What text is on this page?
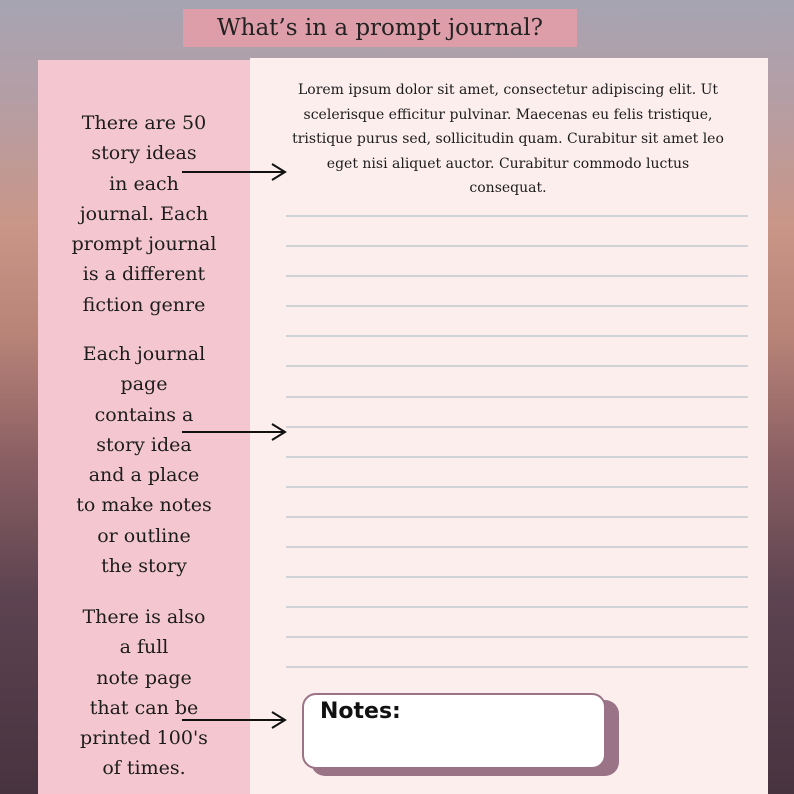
What’s in a prompt journal?
There are 50
story ideas
in each
journal. Each
prompt journal
is a different
fiction genre
Each journal
page
contains a
story idea
and a place
to make notes
or outline
the story
There is also
a full
note page
that can be
printed 100's
of times.
Lorem ipsum dolor sit amet, consectetur adipiscing elit. Ut
scelerisque efficitur pulvinar. Maecenas eu felis tristique,
tristique purus sed, sollicitudin quam. Curabitur sit amet leo
eget nisi aliquet auctor. Curabitur commodo luctus
consequat.
Notes:
